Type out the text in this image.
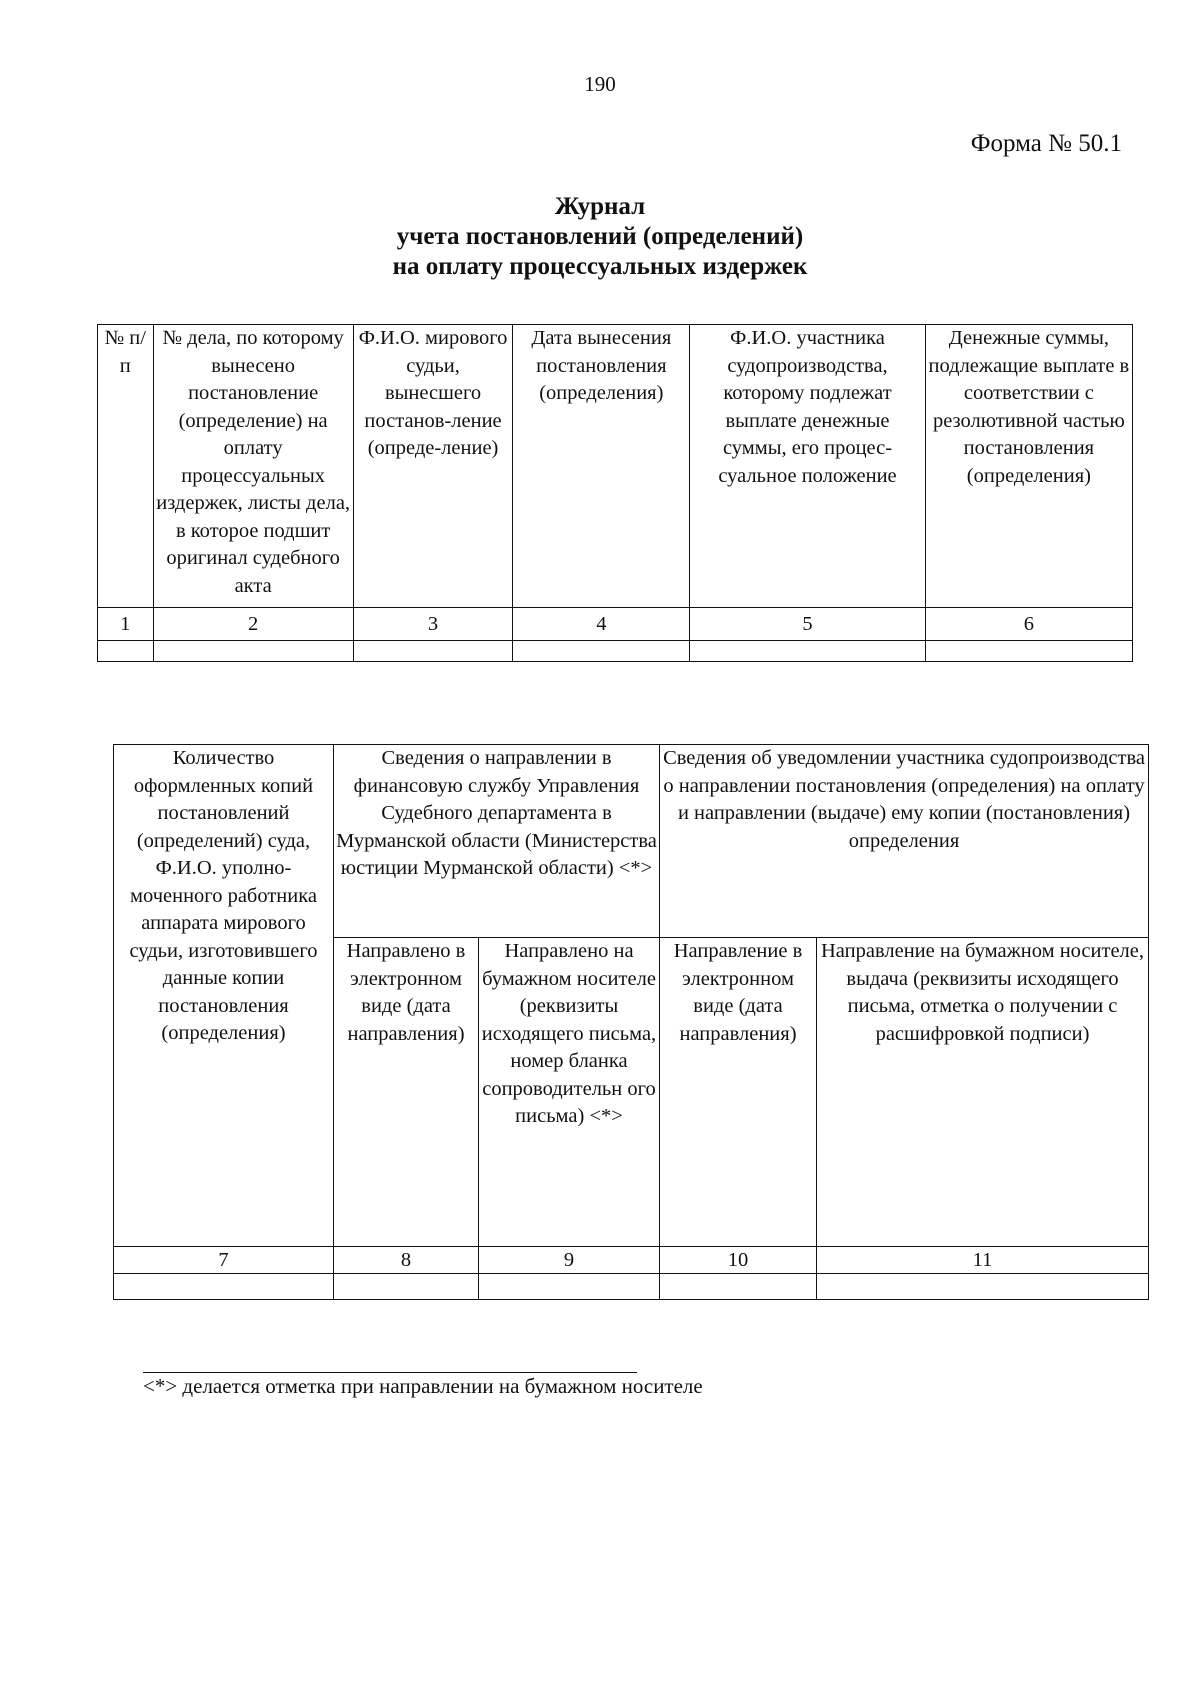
190
Форма № 50.1
Журнал
учета постановлений (определений)
на оплату процессуальных издержек
№ п/п	№ дела, по которому вынесено постановление (определение) на оплату процессуальных издержек, листы дела, в которое подшит оригинал судебного акта	Ф.И.О. мирового судьи, вынесшего постанов-ление (опреде-ление)	Дата вынесения постановления (определения)	Ф.И.О. участника судопроизводства, которому подлежат выплате денежные суммы, его процес-суальное положение	Денежные суммы, подлежащие выплате в соответствии с резолютивной частью постановления (определения)
1	2	3	4	5	6

Количество оформленных копий постановлений (определений) суда, Ф.И.О. уполно-моченного работника аппарата мирового судьи, изготовившего данные копии постановления (определения)	Сведения о направлении в финансовую службу Управления Судебного департамента в Мурманской области (Министерства юстиции Мурманской области) <*>		Сведения об уведомлении участника судопроизводства о направлении постановления (определения) на оплату и направлении (выдаче) ему копии (постановления) определения	
	Направлено в электронном виде (дата направления)	Направлено на бумажном носителе (реквизиты исходящего письма, номер бланка сопроводительн ого письма) <*>	Направление в электронном виде (дата направления)	Направление на бумажном носителе, выдача (реквизиты исходящего письма, отметка о получении с расшифровкой подписи)
7	8	9	10	11

<*> делается отметка при направлении на бумажном носителе
